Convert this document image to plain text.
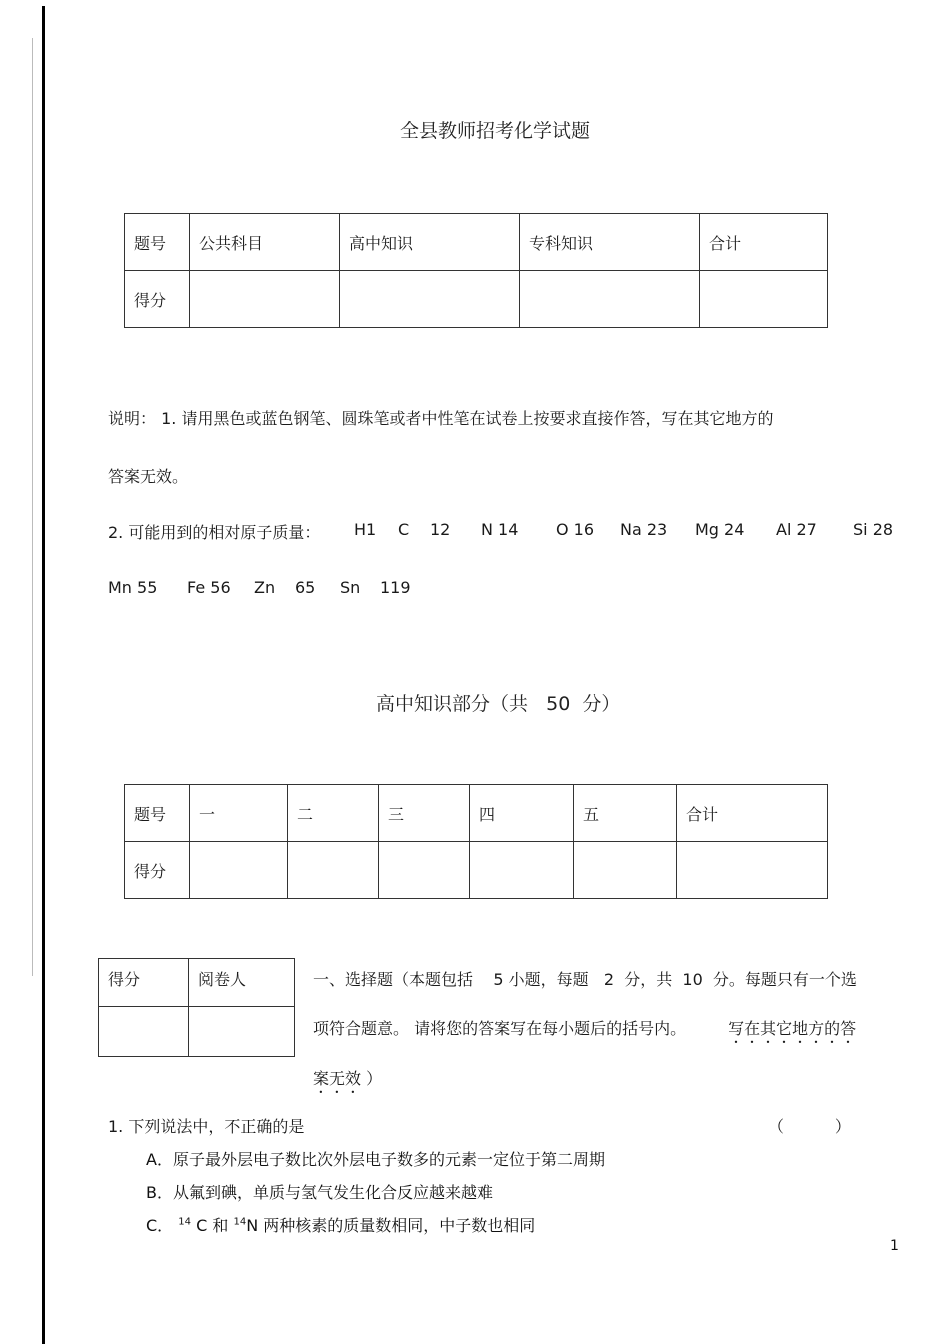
全县教师招考化学试题
题号	公共科目	高中知识	专科知识	合计
得分				
说明： 1. 请用黑色或蓝色钢笔、圆珠笔或者中性笔在试卷上按要求直接作答，写在其它地方的
答案无效。
2. 可能用到的相对原子质量： H1 C 12 N 14 O 16 Na 23 Mg 24 Al 27 Si 28
Mn 55 Fe 56 Zn 65 Sn 119
高中知识部分（共   50  分）
题号	一	二	三	四	五	合计
得分						
得分	阅卷人
		一、选择题（本题包括    5 小题，每题   2  分，共  10  分。每题只有一个选
项符合题意。 请将您的答案写在每小题后的括号内。	写在其它地方的答
案无效 ）
1. 下列说法中，不正确的是	（          ）
A．原子最外层电子数比次外层电子数多的元素一定位于第二周期
B．从氟到碘，单质与氢气发生化合反应越来越难
C． $^{14}$ C 和 $^{14}$N 两种核素的质量数相同，中子数也相同
1
